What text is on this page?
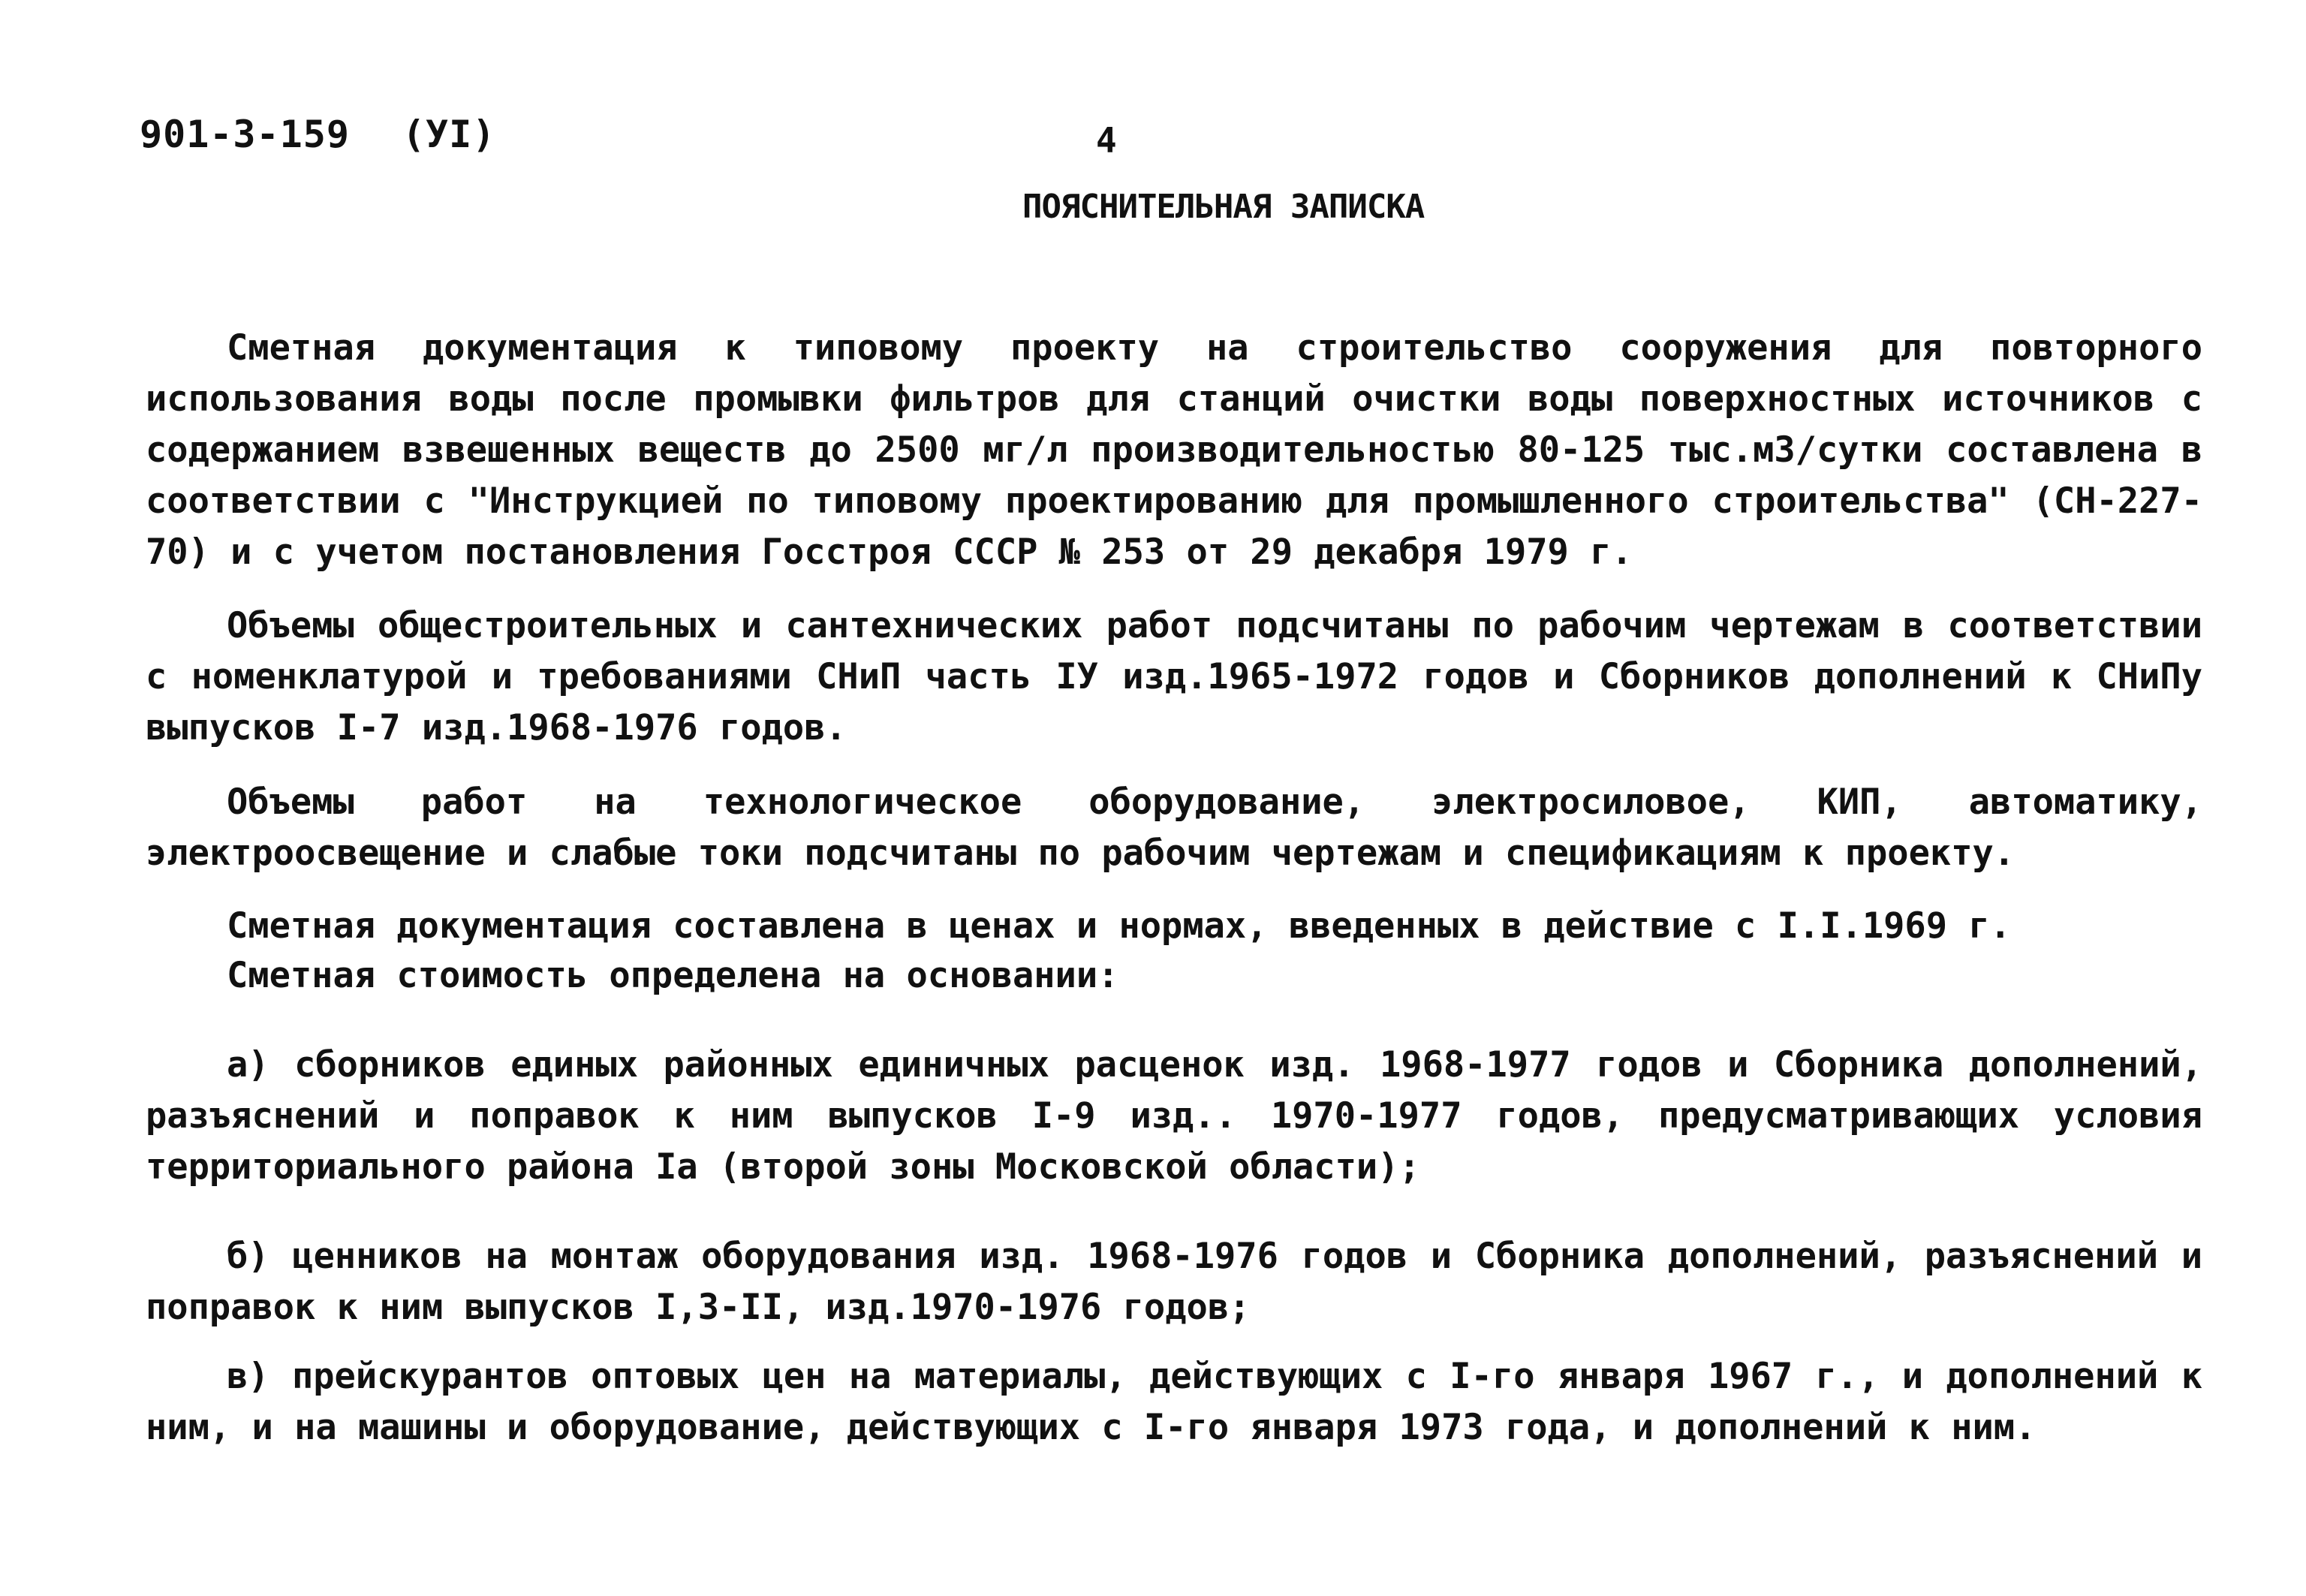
901-3-159 (УI)	4
ПОЯСНИТЕЛЬНАЯ ЗАПИСКА
Сметная документация к типовому проекту на строительство сооружения для повторного использования воды после промывки фильтров для станций очистки воды поверхностных источников с содержанием взвешенных веществ до 2500 мг/л производительностью 80-125 тыс.м3/сутки составлена в соответствии с "Инструкцией по типовому проектированию для промышленного строительства" (СН-227-70) и с учетом постановления Госстроя СССР № 253 от 29 декабря 1979 г.
Объемы общестроительных и сантехнических работ подсчитаны по рабочим чертежам в соответствии с номенклатурой и требованиями СНиП часть IУ изд.1965-1972 годов и Сборников дополнений к СНиПу выпусков I-7 изд.1968-1976 годов.
Объемы работ на технологическое оборудование, электросиловое, КИП, автоматику, электроосвещение и слабые токи подсчитаны по рабочим чертежам и спецификациям к проекту.
Сметная документация составлена в ценах и нормах, введенных в действие с I.I.1969 г.
Сметная стоимость определена на основании:
а) сборников единых районных единичных расценок изд. 1968-1977 годов и Сборника дополнений, разъяснений и поправок к ним выпусков I-9 изд.. 1970-1977 годов, предусматривающих условия территориального района Iа (второй зоны Московской области);
б) ценников на монтаж оборудования изд. 1968-1976 годов и Сборника дополнений, разъяснений и поправок к ним выпусков I,3-II, изд.1970-1976 годов;
в) прейскурантов оптовых цен на материалы, действующих с I-го января 1967 г., и дополнений к ним, и на машины и оборудование, действующих с I-го января 1973 года, и дополнений к ним.
